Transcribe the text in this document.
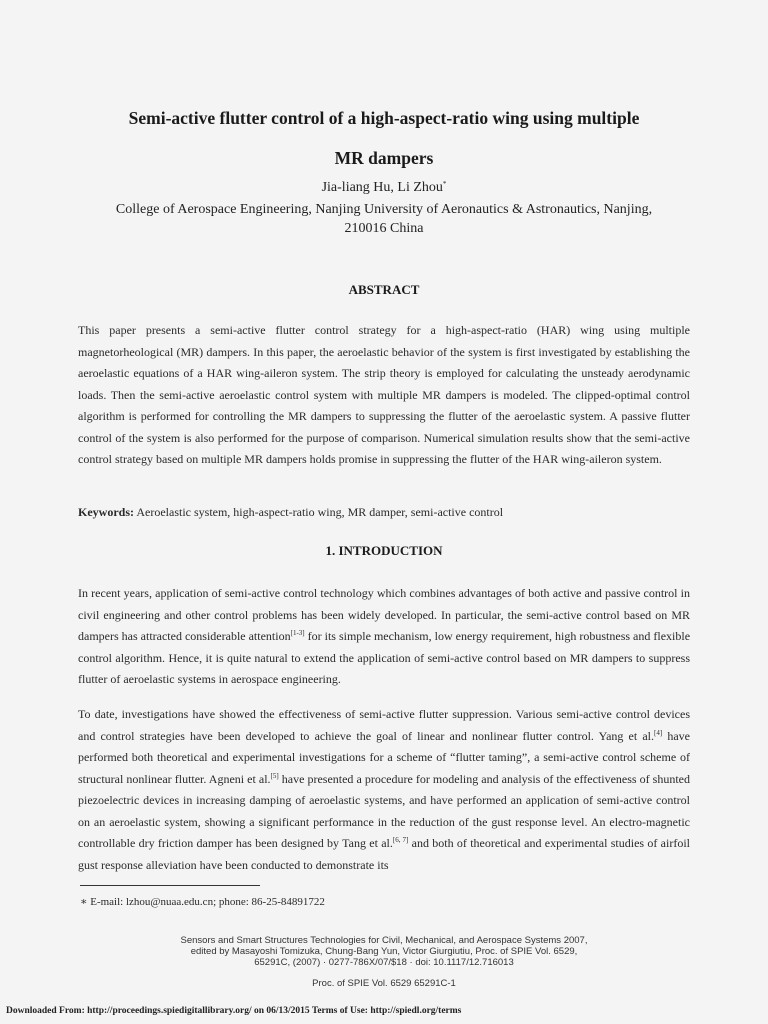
Semi-active flutter control of a high-aspect-ratio wing using multiple
MR dampers
Jia-liang Hu, Li Zhou*
College of Aerospace Engineering, Nanjing University of Aeronautics & Astronautics, Nanjing,
210016 China
ABSTRACT
This paper presents a semi-active flutter control strategy for a high-aspect-ratio (HAR) wing using multiple magnetorheological (MR) dampers. In this paper, the aeroelastic behavior of the system is first investigated by establishing the aeroelastic equations of a HAR wing-aileron system. The strip theory is employed for calculating the unsteady aerodynamic loads. Then the semi-active aeroelastic control system with multiple MR dampers is modeled. The clipped-optimal control algorithm is performed for controlling the MR dampers to suppressing the flutter of the aeroelastic system. A passive flutter control of the system is also performed for the purpose of comparison. Numerical simulation results show that the semi-active control strategy based on multiple MR dampers holds promise in suppressing the flutter of the HAR wing-aileron system.
Keywords: Aeroelastic system, high-aspect-ratio wing, MR damper, semi-active control
1. INTRODUCTION
In recent years, application of semi-active control technology which combines advantages of both active and passive control in civil engineering and other control problems has been widely developed. In particular, the semi-active control based on MR dampers has attracted considerable attention[1-3] for its simple mechanism, low energy requirement, high robustness and flexible control algorithm. Hence, it is quite natural to extend the application of semi-active control based on MR dampers to suppress flutter of aeroelastic systems in aerospace engineering.
To date, investigations have showed the effectiveness of semi-active flutter suppression. Various semi-active control devices and control strategies have been developed to achieve the goal of linear and nonlinear flutter control. Yang et al.[4] have performed both theoretical and experimental investigations for a scheme of “flutter taming”, a semi-active control scheme of structural nonlinear flutter. Agneni et al.[5] have presented a procedure for modeling and analysis of the effectiveness of shunted piezoelectric devices in increasing damping of aeroelastic systems, and have performed an application of semi-active control on an aeroelastic system, showing a significant performance in the reduction of the gust response level. An electro-magnetic controllable dry friction damper has been designed by Tang et al.[6, 7] and both of theoretical and experimental studies of airfoil gust response alleviation have been conducted to demonstrate its
∗ E-mail: lzhou@nuaa.edu.cn; phone: 86-25-84891722
Sensors and Smart Structures Technologies for Civil, Mechanical, and Aerospace Systems 2007,
edited by Masayoshi Tomizuka, Chung-Bang Yun, Victor Giurgiutiu, Proc. of SPIE Vol. 6529,
65291C, (2007) · 0277-786X/07/$18 · doi: 10.1117/12.716013
Proc. of SPIE Vol. 6529 65291C-1
Downloaded From: http://proceedings.spiedigitallibrary.org/ on 06/13/2015 Terms of Use: http://spiedl.org/terms
